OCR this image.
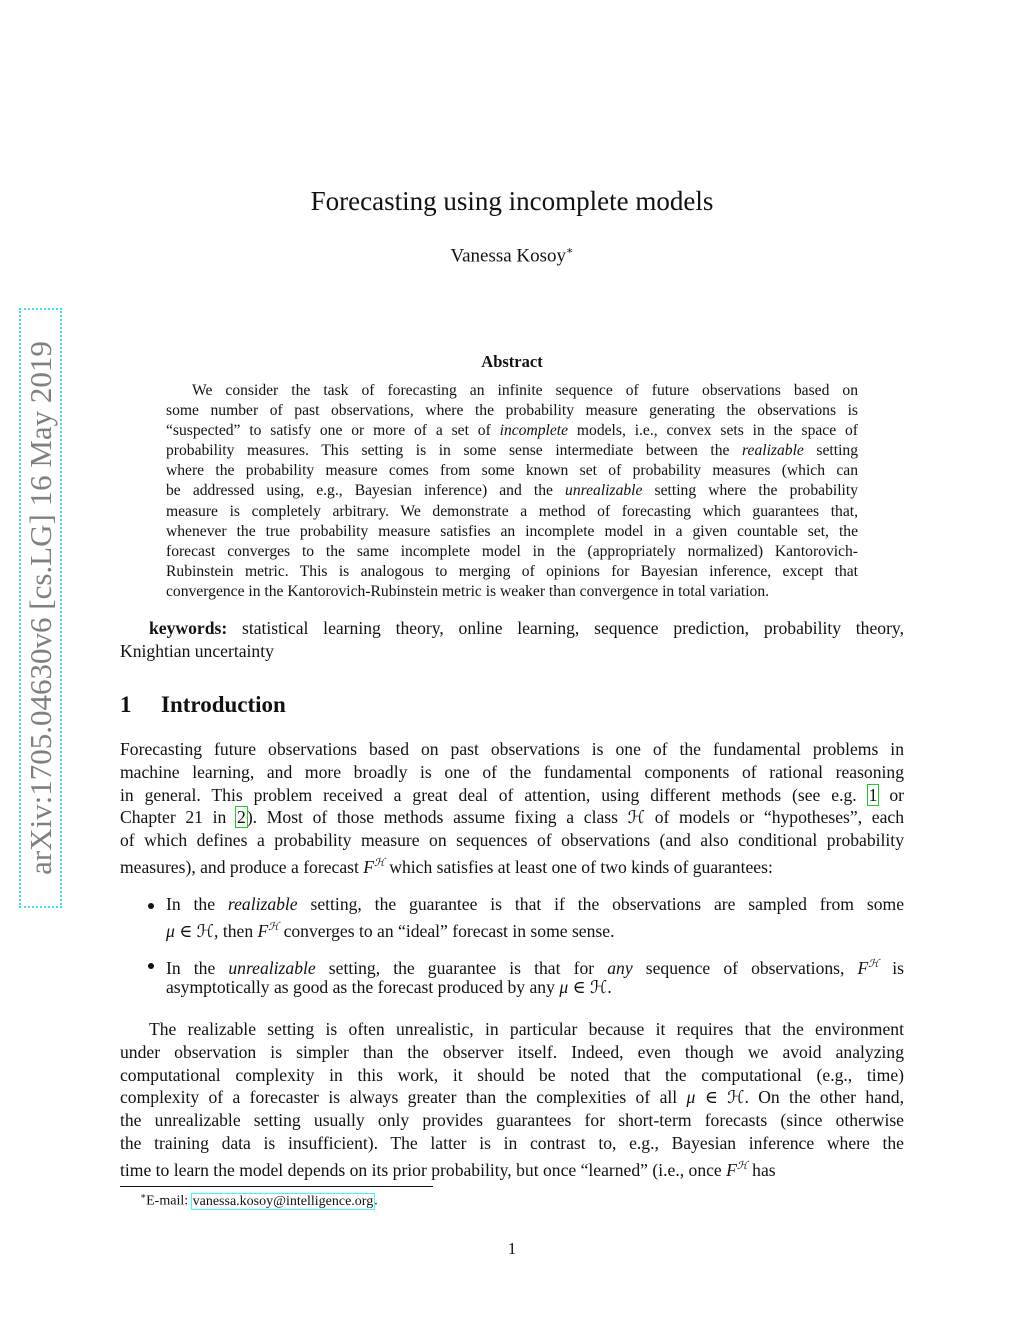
arXiv:1705.04630v6 [cs.LG] 16 May 2019
Forecasting using incomplete models
Vanessa Kosoy∗
Abstract
We consider the task of forecasting an infinite sequence of future observations based on
some number of past observations, where the probability measure generating the observations is
“suspected” to satisfy one or more of a set of incomplete models, i.e., convex sets in the space of
probability measures. This setting is in some sense intermediate between the realizable setting
where the probability measure comes from some known set of probability measures (which can
be addressed using, e.g., Bayesian inference) and the unrealizable setting where the probability
measure is completely arbitrary. We demonstrate a method of forecasting which guarantees that,
whenever the true probability measure satisfies an incomplete model in a given countable set, the
forecast converges to the same incomplete model in the (appropriately normalized) Kantorovich-
Rubinstein metric. This is analogous to merging of opinions for Bayesian inference, except that
convergence in the Kantorovich-Rubinstein metric is weaker than convergence in total variation.
keywords: statistical learning theory, online learning, sequence prediction, probability theory,
Knightian uncertainty
1 Introduction
Forecasting future observations based on past observations is one of the fundamental problems in
machine learning, and more broadly is one of the fundamental components of rational reasoning
in general. This problem received a great deal of attention, using different methods (see e.g. 1 or
Chapter 21 in 2). Most of those methods assume fixing a class ℋ of models or “hypotheses”, each
of which defines a probability measure on sequences of observations (and also conditional probability
measures), and produce a forecast $F^ℋ$ which satisfies at least one of two kinds of guarantees:
In the realizable setting, the guarantee is that if the observations are sampled from some
μ ∈ ℋ, then $F^ℋ$ converges to an “ideal” forecast in some sense.
In the unrealizable setting, the guarantee is that for any sequence of observations, $F^ℋ$ is
asymptotically as good as the forecast produced by any μ ∈ ℋ.
The realizable setting is often unrealistic, in particular because it requires that the environment
under observation is simpler than the observer itself. Indeed, even though we avoid analyzing
computational complexity in this work, it should be noted that the computational (e.g., time)
complexity of a forecaster is always greater than the complexities of all μ ∈ ℋ. On the other hand,
the unrealizable setting usually only provides guarantees for short-term forecasts (since otherwise
the training data is insufficient). The latter is in contrast to, e.g., Bayesian inference where the
time to learn the model depends on its prior probability, but once “learned” (i.e., once $F^ℋ$ has
∗E-mail: vanessa.kosoy@intelligence.org.
1
